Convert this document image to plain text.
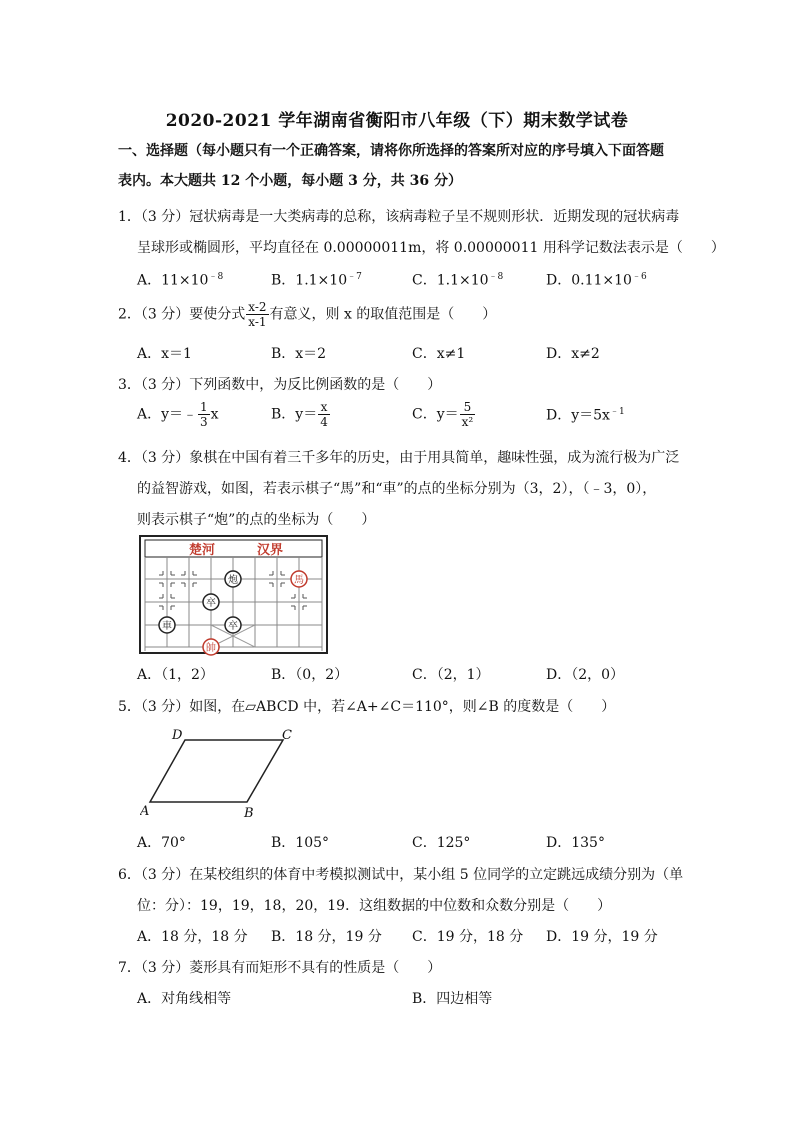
2020-2021 学年湖南省衡阳市八年级（下）期末数学试卷
一、选择题（每小题只有一个正确答案，请将你所选择的答案所对应的序号填入下面答题
表内。本大题共 12 个小题，每小题 3 分，共 36 分）
1．（3 分）冠状病毒是一大类病毒的总称，该病毒粒子呈不规则形状．近期发现的冠状病毒
呈球形或椭圆形，平均直径在 0.00000011m，将 0.00000011 用科学记数法表示是（　　）
A．$11\times 10^{﹣8}$	B．$1.1\times 10^{﹣7}$	C．$1.1\times 10^{﹣8}$	D．$0.11\times 10^{﹣6}$
2．（3 分）要使分式 $\frac{x-2}{x-1}$ 有意义，则 x 的取值范围是（　　）
A．x＝1	B．x＝2	C．x≠1	D．x≠2
3．（3 分）下列函数中，为反比例函数的是（　　）
A．y＝﹣ $\frac{1}{3}$ x	B．$y= \frac{x}{4}$	C．$y= \frac{5}{\text{x²}}$	D．$y=5x^{﹣1}$
4．（3 分）象棋在中国有着三千多年的历史，由于用具简单，趣味性强，成为流行极为广泛
的益智游戏，如图，若表示棋子“馬”和“車”的点的坐标分别为（3，2），（﹣3，0），
则表示棋子“炮”的点的坐标为（　　）
楚河	汉界
炮	馬
卒
車	卒
帥
A．（1，2）	B．（0，2）	C．（2，1）	D．（2，0）
5．（3 分）如图，在▱ABCD 中，若∠A+∠C＝110°，则∠B 的度数是（　　）
A	B
C
D
A．70°	B．105°	C．125°	D．135°
6．（3 分）在某校组织的体育中考模拟测试中，某小组 5 位同学的立定跳远成绩分别为（单
位：分）：19，19，18，20，19．这组数据的中位数和众数分别是（　　）
A．18 分，18 分 B．18 分，19 分 C．19 分，18 分 D．19 分，19 分
7．（3 分）菱形具有而矩形不具有的性质是（　　）
A．对角线相等	B．四边相等
